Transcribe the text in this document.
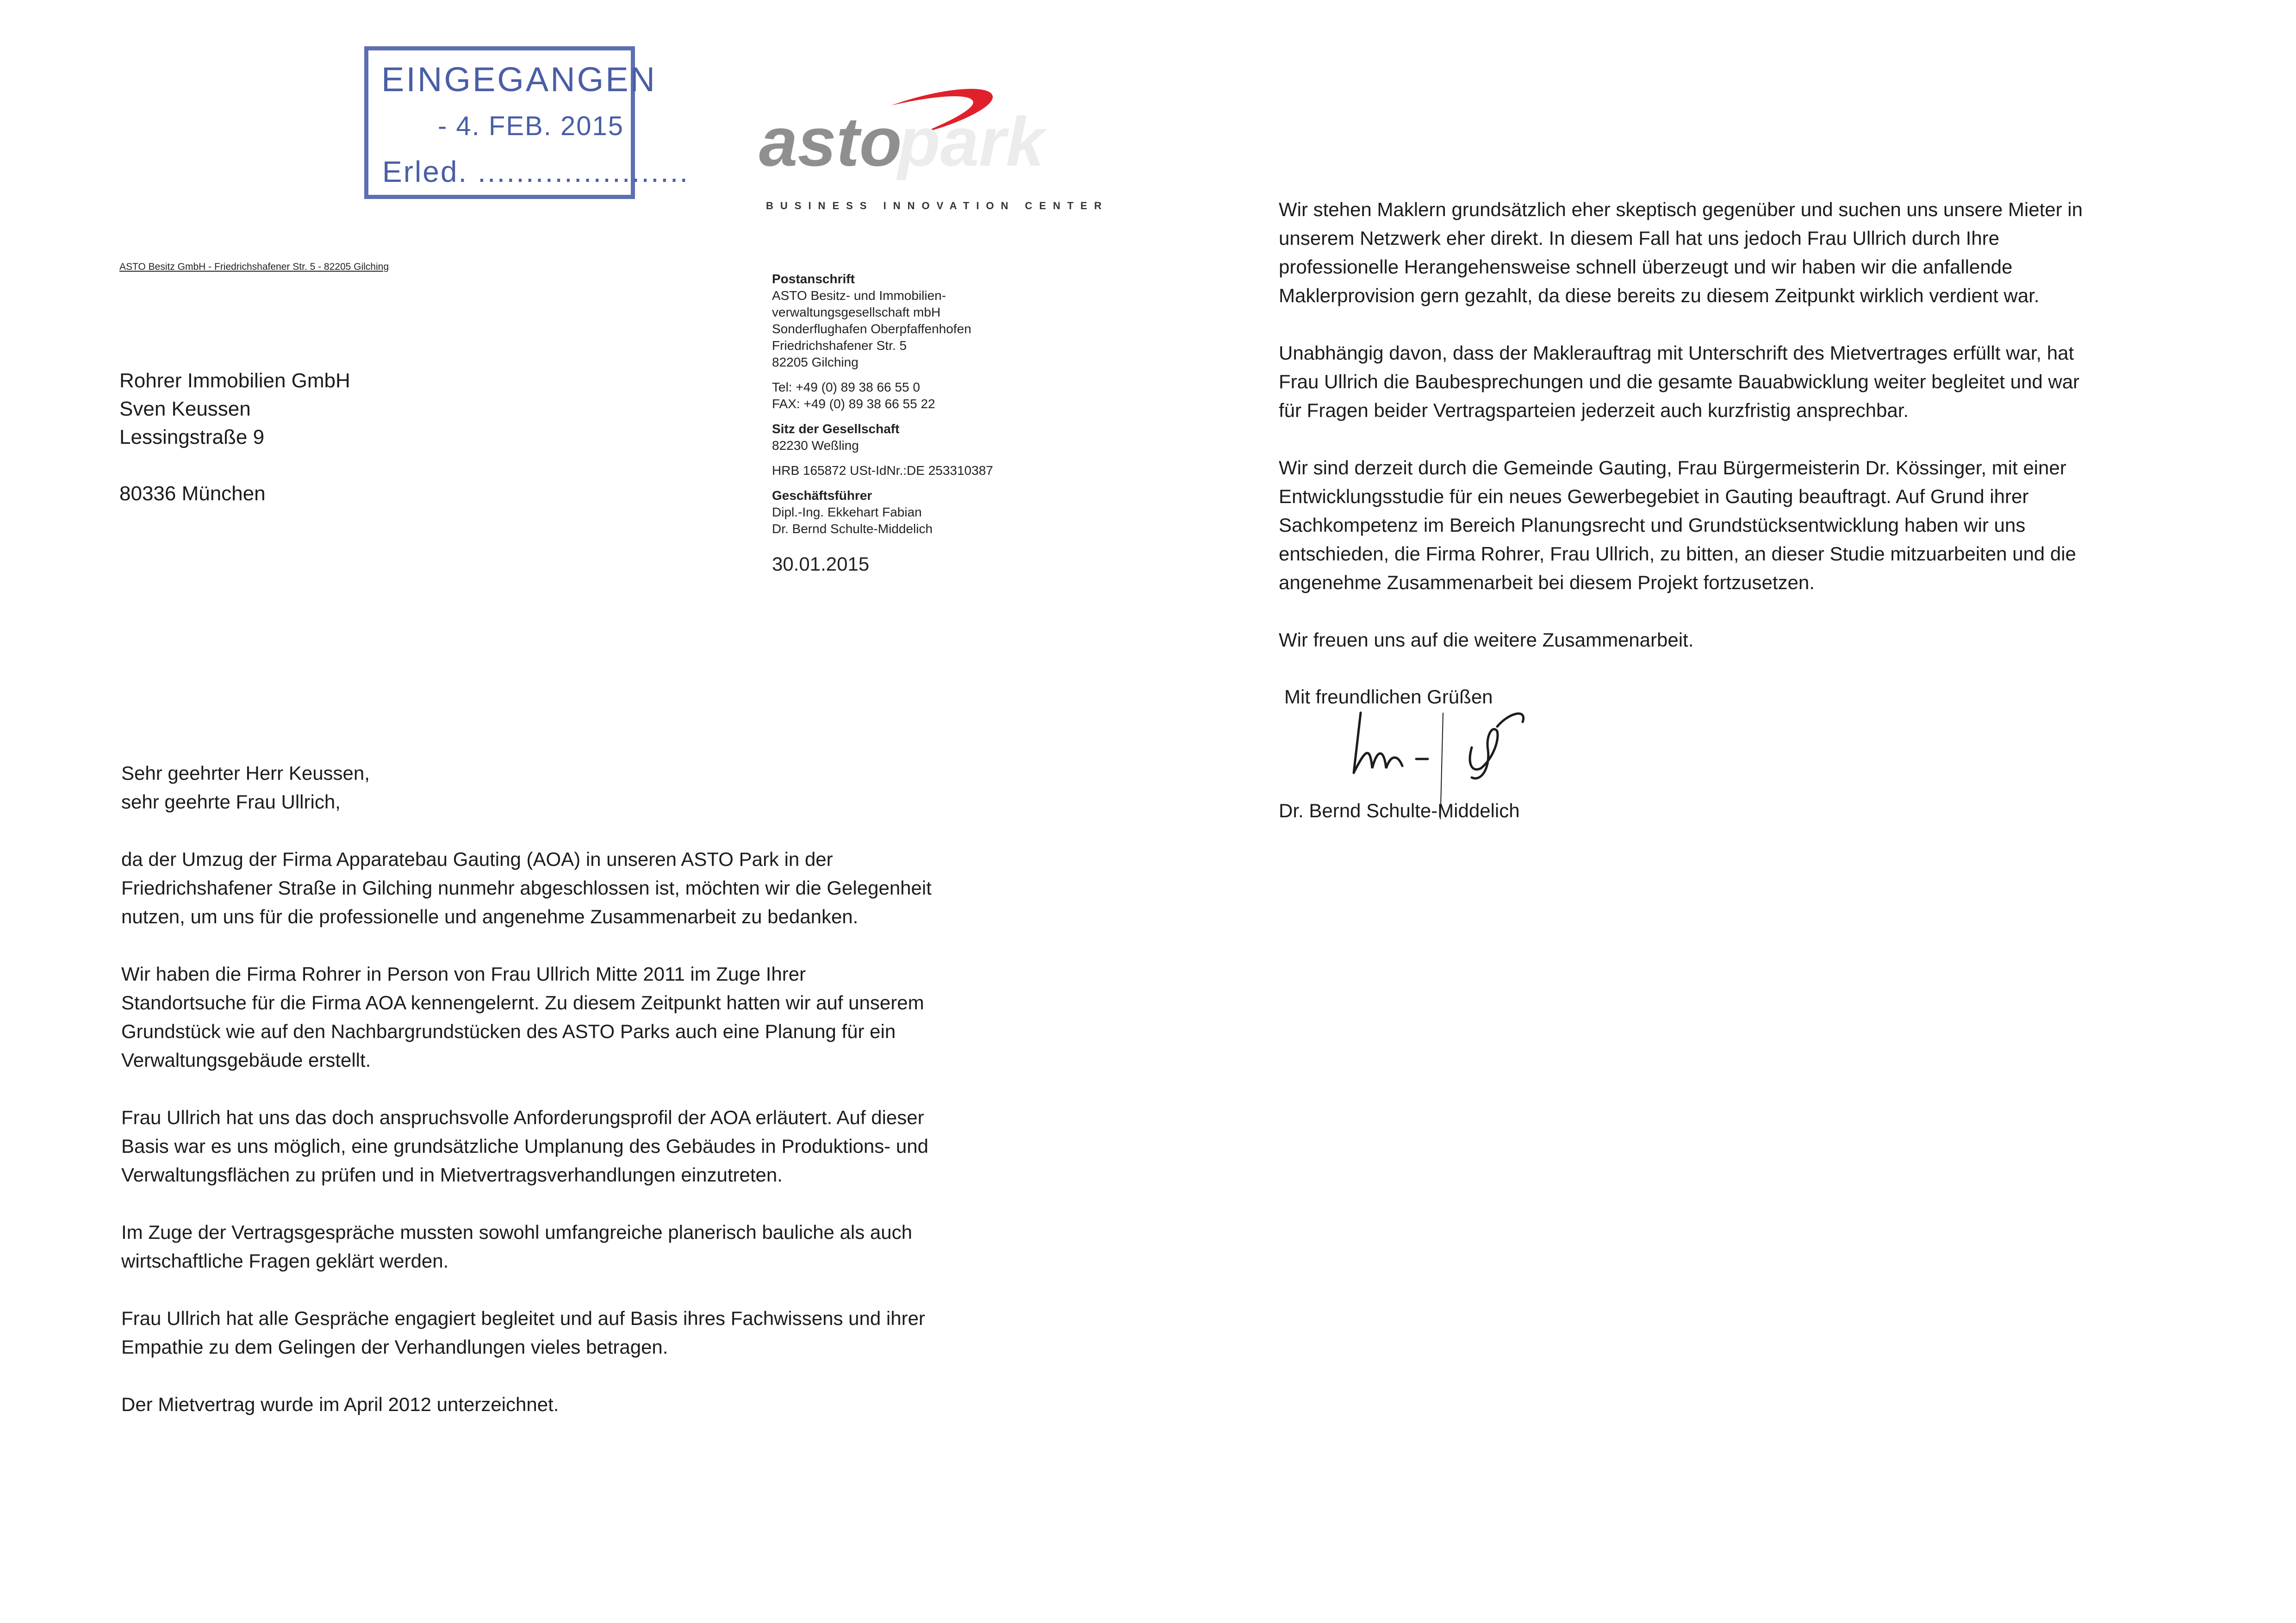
EINGEGANGEN
- 4. FEB. 2015
Erled. ...................... asto
park
BUSINESS INNOVATION CENTER
ASTO Besitz GmbH - Friedrichshafener Str. 5 - 82205 Gilching
Rohrer Immobilien GmbH
Sven Keussen
Lessingstraße 9
80336 München
Postanschrift
ASTO Besitz- und Immobilien-
verwaltungsgesellschaft mbH
Sonderflughafen Oberpfaffenhofen
Friedrichshafener Str. 5
82205 Gilching
Tel: +49 (0) 89 38 66 55 0
FAX: +49 (0) 89 38 66 55 22
Sitz der Gesellschaft
82230 Weßling
HRB 165872 USt-IdNr.:DE 253310387
Geschäftsführer
Dipl.-Ing. Ekkehart Fabian
Dr. Bernd Schulte-Middelich
30.01.2015

Sehr geehrter Herr Keussen,
sehr geehrte Frau Ullrich,

da der Umzug der Firma Apparatebau Gauting (AOA) in unseren ASTO Park in der
Friedrichshafener Straße in Gilching nunmehr abgeschlossen ist, möchten wir die Gelegenheit
nutzen, um uns für die professionelle und angenehme Zusammenarbeit zu bedanken.

Wir haben die Firma Rohrer in Person von Frau Ullrich Mitte 2011 im Zuge Ihrer
Standortsuche für die Firma AOA kennengelernt. Zu diesem Zeitpunkt hatten wir auf unserem
Grundstück wie auf den Nachbargrundstücken des ASTO Parks auch eine Planung für ein
Verwaltungsgebäude erstellt.

Frau Ullrich hat uns das doch anspruchsvolle Anforderungsprofil der AOA erläutert. Auf dieser
Basis war es uns möglich, eine grundsätzliche Umplanung des Gebäudes in Produktions- und
Verwaltungsflächen zu prüfen und in Mietvertragsverhandlungen einzutreten.

Im Zuge der Vertragsgespräche mussten sowohl umfangreiche planerisch bauliche als auch
wirtschaftliche Fragen geklärt werden.

Frau Ullrich hat alle Gespräche engagiert begleitet und auf Basis ihres Fachwissens und ihrer
Empathie zu dem Gelingen der Verhandlungen vieles betragen.

Der Mietvertrag wurde im April 2012 unterzeichnet.

Wir stehen Maklern grundsätzlich eher skeptisch gegenüber und suchen uns unsere Mieter in
unserem Netzwerk eher direkt. In diesem Fall hat uns jedoch Frau Ullrich durch Ihre
professionelle Herangehensweise schnell überzeugt und wir haben wir die anfallende
Maklerprovision gern gezahlt, da diese bereits zu diesem Zeitpunkt wirklich verdient war.

Unabhängig davon, dass der Maklerauftrag mit Unterschrift des Mietvertrages erfüllt war, hat
Frau Ullrich die Baubesprechungen und die gesamte Bauabwicklung weiter begleitet und war
für Fragen beider Vertragsparteien jederzeit auch kurzfristig ansprechbar.

Wir sind derzeit durch die Gemeinde Gauting, Frau Bürgermeisterin Dr. Kössinger, mit einer
Entwicklungsstudie für ein neues Gewerbegebiet in Gauting beauftragt. Auf Grund ihrer
Sachkompetenz im Bereich Planungsrecht und Grundstücksentwicklung haben wir uns
entschieden, die Firma Rohrer, Frau Ullrich, zu bitten, an dieser Studie mitzuarbeiten und die
angenehme Zusammenarbeit bei diesem Projekt fortzusetzen.

Wir freuen uns auf die weitere Zusammenarbeit.

Mit freundlichen Grüßen
Dr. Bernd Schulte-Middelich
